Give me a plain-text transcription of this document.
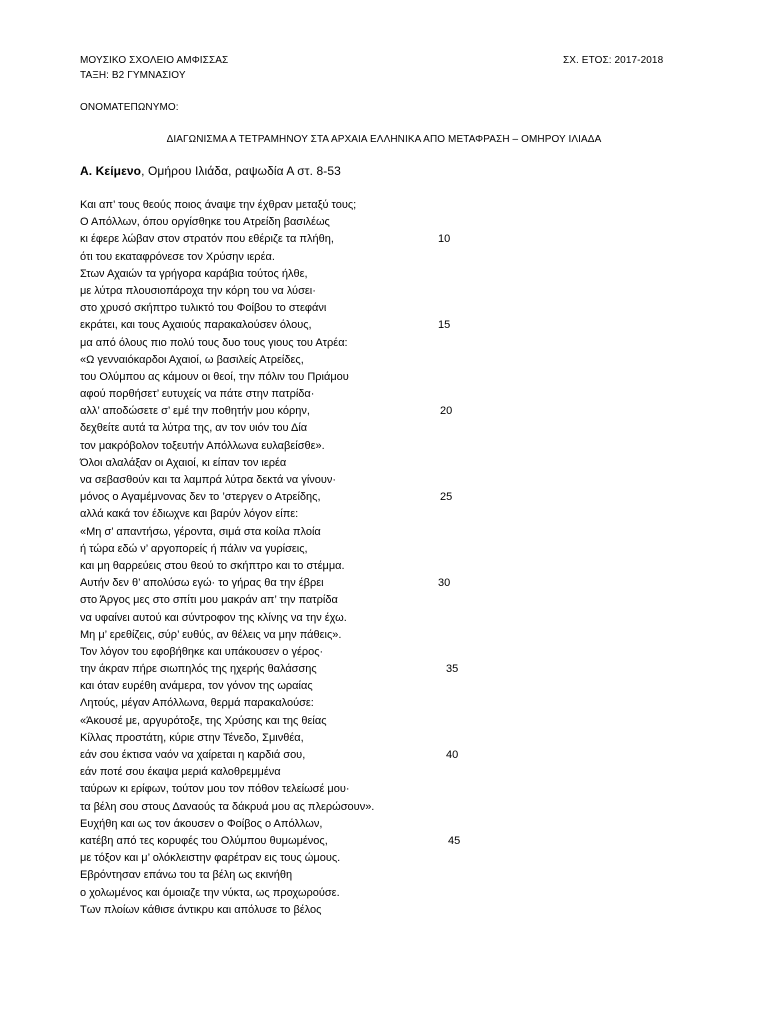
ΜΟΥΣΙΚΟ ΣΧΟΛΕΙΟ ΑΜΦΙΣΣΑΣ	ΣΧ. ΕΤΟΣ: 2017-2018
ΤΑΞΗ: Β2 ΓΥΜΝΑΣΙΟΥ
ΟΝΟΜΑΤΕΠΩΝΥΜΟ:
ΔΙΑΓΩΝΙΣΜΑ Α ΤΕΤΡΑΜΗΝΟΥ ΣΤΑ ΑΡΧΑΙΑ ΕΛΛΗΝΙΚΑ ΑΠΟ ΜΕΤΑΦΡΑΣΗ – ΟΜΗΡΟΥ ΙΛΙΑΔΑ
Α. Κείμενο, Ομήρου Ιλιάδα, ραψωδία Α στ. 8-53
Και απ’ τους θεούς ποιος άναψε την έχθραν μεταξύ τους;
Ο Απόλλων, όπου οργίσθηκε του Ατρείδη βασιλέως
κι έφερε λώβαν στον στρατόν που εθέριζε τα πλήθη,	10
ότι του εκαταφρόνεσε τον Χρύσην ιερέα.
Στων Αχαιών τα γρήγορα καράβια τούτος ήλθε,
με λύτρα πλουσιοπάροχα την κόρη του να λύσει·
στο χρυσό σκήπτρο τυλικτό του Φοίβου το στεφάνι
εκράτει, και τους Αχαιούς παρακαλούσεν όλους,	15
μα από όλους πιο πολύ τους δυο τους γιους του Ατρέα:
«Ω γενναιόκαρδοι Αχαιοί, ω βασιλείς Ατρείδες,
του Ολύμπου ας κάμουν οι θεοί, την πόλιν του Πριάμου
αφού πορθήσετ’ ευτυχείς να πάτε στην πατρίδα·
αλλ’ αποδώσετε σ’ εμέ την ποθητήν μου κόρην,	20
δεχθείτε αυτά τα λύτρα της, αν τον υιόν του Δία
τον μακρόβολον τοξευτήν Απόλλωνα ευλαβείσθε».
Όλοι αλαλάξαν οι Αχαιοί, κι είπαν τον ιερέα
να σεβασθούν και τα λαμπρά λύτρα δεκτά να γίνουν·
μόνος ο Αγαμέμνονας δεν το ’στεργεν ο Ατρείδης,	25
αλλά κακά τον έδιωχνε και βαρύν λόγον είπε:
«Μη σ’ απαντήσω, γέροντα, σιμά στα κοίλα πλοία
ή τώρα εδώ ν’ αργοπορείς ή πάλιν να γυρίσεις,
και μη θαρρεύεις στου θεού το σκήπτρο και το στέμμα.
Αυτήν δεν θ’ απολύσω εγώ· το γήρας θα την έβρει	30
στο Άργος μες στο σπίτι μου μακράν απ’ την πατρίδα
να υφαίνει αυτού και σύντροφον της κλίνης να την έχω.
Μη μ’ ερεθίζεις, σύρ’ ευθύς, αν θέλεις να μην πάθεις».
Τον λόγον του εφοβήθηκε και υπάκουσεν ο γέρος·
την άκραν πήρε σιωπηλός της ηχερής θαλάσσης	35
και όταν ευρέθη ανάμερα, τον γόνον της ωραίας
Λητούς, μέγαν Απόλλωνα, θερμά παρακαλούσε:
«Άκουσέ με, αργυρότοξε, της Χρύσης και της θείας
Κίλλας προστάτη, κύριε στην Τένεδο, Σμινθέα,
εάν σου έκτισα ναόν να χαίρεται η καρδιά σου,	40
εάν ποτέ σου έκαψα μεριά καλοθρεμμένα
ταύρων κι ερίφων, τούτον μου τον πόθον τελείωσέ μου·
τα βέλη σου στους Δαναούς τα δάκρυά μου ας πλερώσουν».
Ευχήθη και ως τον άκουσεν ο Φοίβος ο Απόλλων,
κατέβη από τες κορυφές του Ολύμπου θυμωμένος,	45
με τόξον και μ’ ολόκλειστην φαρέτραν εις τους ώμους.
Εβρόντησαν επάνω του τα βέλη ως εκινήθη
ο χολωμένος και όμοιαζε την νύκτα, ως προχωρούσε.
Των πλοίων κάθισε άντικρυ και απόλυσε το βέλος
